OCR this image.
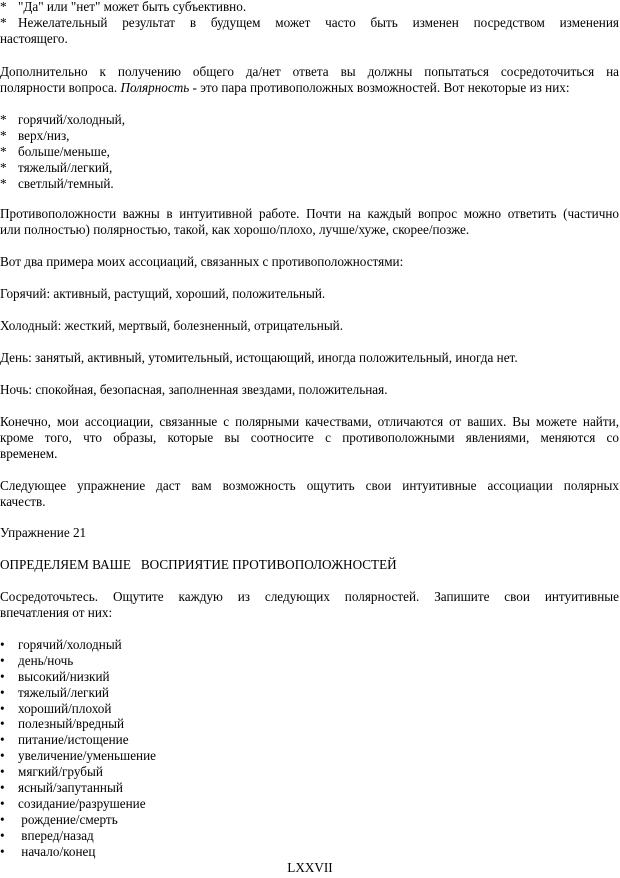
* "Да" или "нет" может быть субъективно.
* Нежелательный результат в будущем может часто быть изменен посредством изменения
настоящего.
Дополнительно к получению общего да/нет ответа вы должны попытаться сосредоточиться на
полярности вопроса. Полярность - это пара противоположных возможностей. Вот некоторые из них:
* горячий/холодный,
* верх/низ,
* больше/меньше,
* тяжелый/легкий,
* светлый/темный.
Противоположности важны в интуитивной работе. Почти на каждый вопрос можно ответить (частично
или полностью) полярностью, такой, как хорошо/плохо, лучше/хуже, скорее/позже.
Вот два примера моих ассоциаций, связанных с противоположностями:
Горячий: активный, растущий, хороший, положительный.
Холодный: жесткий, мертвый, болезненный, отрицательный.
День: занятый, активный, утомительный, истощающий, иногда положительный, иногда нет.
Ночь: спокойная, безопасная, заполненная звездами, положительная.
Конечно, мои ассоциации, связанные с полярными качествами, отличаются от ваших. Вы можете найти,
кроме того, что образы, которые вы соотносите с противоположными явлениями, меняются со
временем.
Следующее упражнение даст вам возможность ощутить свои интуитивные ассоциации полярных
качеств.
Упражнение 21
ОПРЕДЕЛЯЕМ ВАШЕ   ВОСПРИЯТИЕ ПРОТИВОПОЛОЖНОСТЕЙ
Сосредоточьтесь. Ощутите каждую из следующих полярностей. Запишите свои интуитивные
впечатления от них:
•	горячий/холодный
•	день/ночь
•	высокий/низкий
•	тяжелый/легкий
•	хороший/плохой
•	полезный/вредный
•	питание/истощение
•	увеличение/уменьшение
•	мягкий/грубый
•	ясный/запутанный
•	созидание/разрушение
•	рождение/смерть
•	вперед/назад
•	начало/конец
LXXVII
